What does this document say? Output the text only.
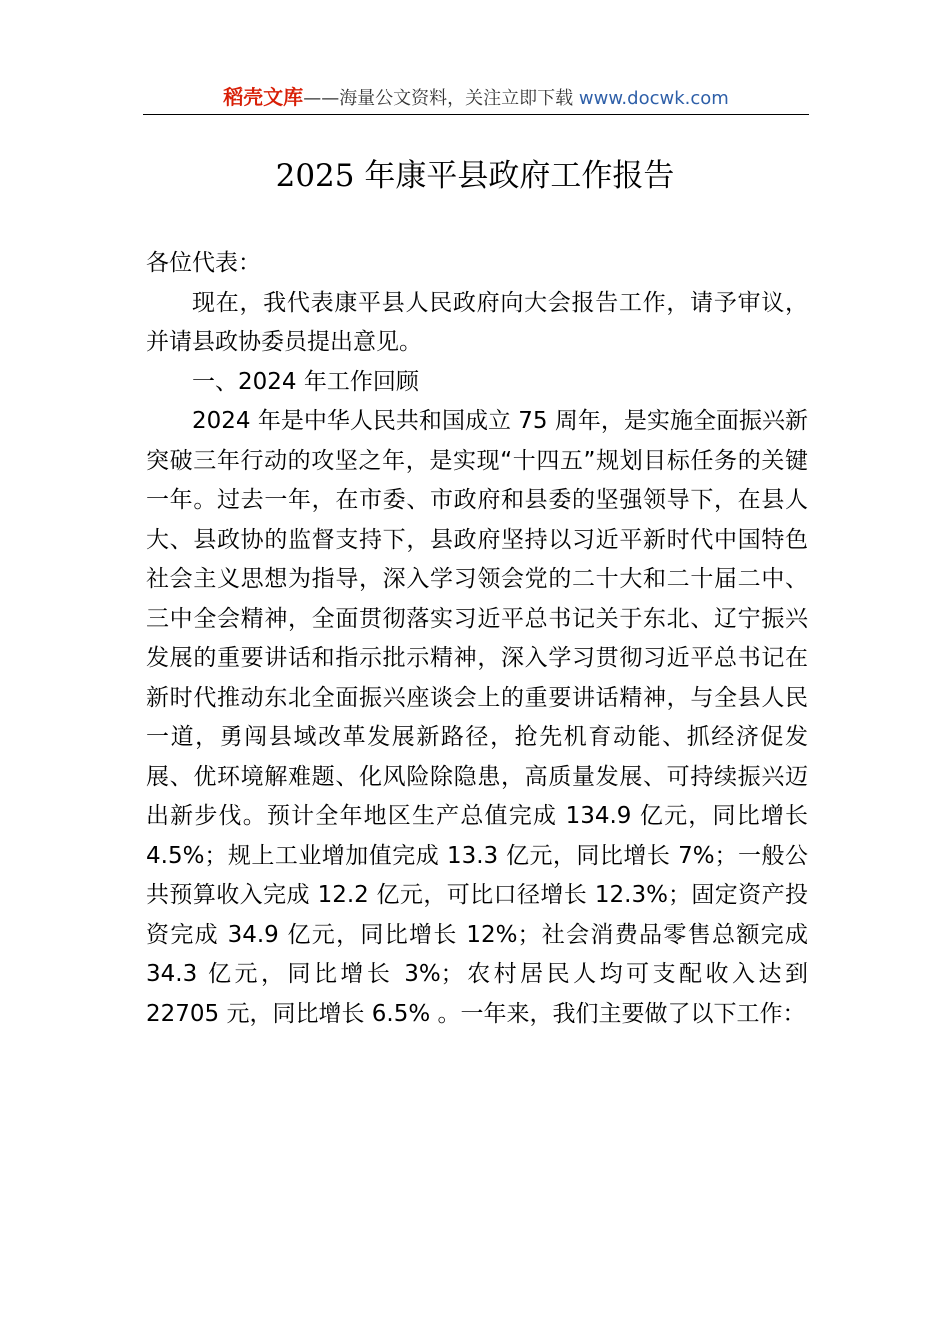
稻壳文库——海量公文资料，关注立即下载 www.docwk.com
2025 年康平县政府工作报告

各位代表：

现在，我代表康平县人民政府向大会报告工作，请予审议，并请县政协委员提出意见。

一、2024 年工作回顾

2024 年是中华人民共和国成立 75 周年，是实施全面振兴新突破三年行动的攻坚之年，是实现“十四五”规划目标任务的关键一年。过去一年，在市委、市政府和县委的坚强领导下，在县人大、县政协的监督支持下，县政府坚持以习近平新时代中国特色社会主义思想为指导，深入学习领会党的二十大和二十届二中、三中全会精神，全面贯彻落实习近平总书记关于东北、辽宁振兴发展的重要讲话和指示批示精神，深入学习贯彻习近平总书记在新时代推动东北全面振兴座谈会上的重要讲话精神，与全县人民一道，勇闯县域改革发展新路径，抢先机育动能、抓经济促发展、优环境解难题、化风险除隐患，高质量发展、可持续振兴迈出新步伐。预计全年地区生产总值完成 134.9 亿元，同比增长 4.5%；规上工业增加值完成 13.3 亿元，同比增长 7%；一般公共预算收入完成 12.2 亿元，可比口径增长 12.3%；固定资产投资完成 34.9 亿元，同比增长 12%；社会消费品零售总额完成 34.3 亿元，同比增长 3%；农村居民人均可支配收入达到 22705 元，同比增长 6.5% 。一年来，我们主要做了以下工作：
